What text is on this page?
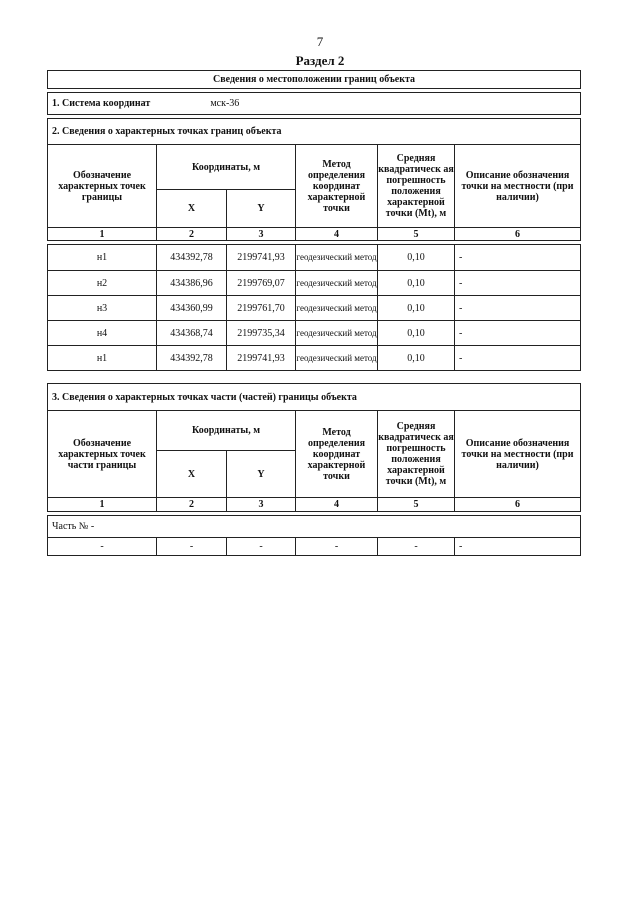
7
Раздел 2
Сведения о местоположении границ объекта					

1. Система координат мск-36					

2. Сведения о характерных точках границ объекта					
Обозначение характерных точек границы	Координаты, м		Метод определения координат характерной точки	Средняя квадратическ ая погрешность положения характерной точки (Mt), м	Описание обозначения точки на местности (при наличии)
	X	Y			
1	2	3	4	5	6

н1	434392,78	2199741,93	геодезический метод	0,10	-
н2	434386,96	2199769,07	геодезический метод	0,10	-
н3	434360,99	2199761,70	геодезический метод	0,10	-
н4	434368,74	2199735,34	геодезический метод	0,10	-
н1	434392,78	2199741,93	геодезический метод	0,10	-
3. Сведения о характерных точках части (частей) границы объекта					
Обозначение характерных точек части границы	Координаты, м		Метод определения координат характерной точки	Средняя квадратическ ая погрешность положения характерной точки (Mt), м	Описание обозначения точки на местности (при наличии)
	X	Y			
1	2	3	4	5	6

Часть № -					
-	-	-	-	-	-
